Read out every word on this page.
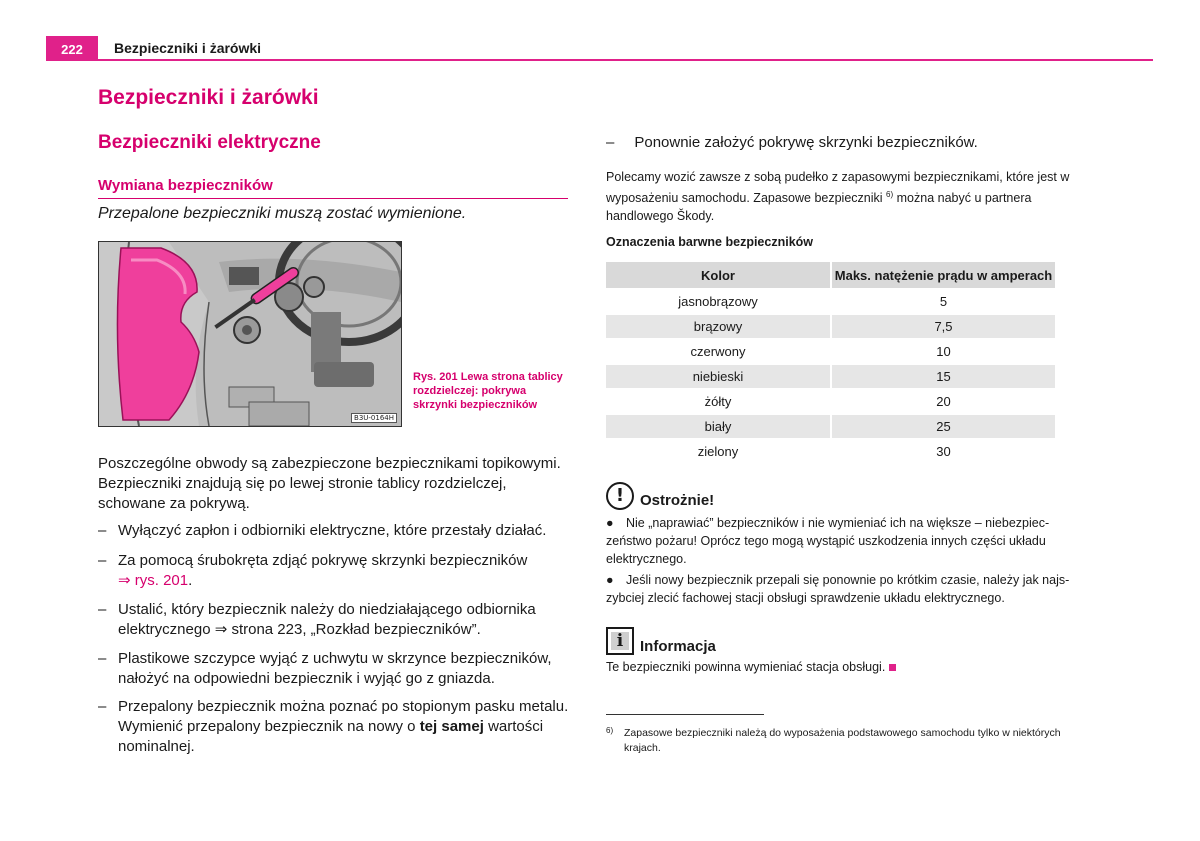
222	Bezpieczniki i żarówki
Bezpieczniki i żarówki
Bezpieczniki elektryczne
Wymiana bezpieczników
Przepalone bezpieczniki muszą zostać wymienione.
B3U-0164H
Rys. 201 Lewa strona tablicy rozdzielczej: pokrywa skrzynki bezpieczników
Poszczególne obwody są zabezpieczone bezpiecznikami topikowymi. Bezpieczniki znajdują się po lewej stronie tablicy rozdzielczej, schowane za pokrywą.
– Wyłączyć zapłon i odbiorniki elektryczne, które przestały działać.
– Za pomocą śrubokręta zdjąć pokrywę skrzynki bezpieczników
⇒ rys. 201.
– Ustalić, który bezpiecznik należy do niedziałającego odbiornika elektrycznego ⇒ strona 223, „Rozkład bezpieczników”.
– Plastikowe szczypce wyjąć z uchwytu w skrzynce bezpieczników, nałożyć na odpowiedni bezpiecznik i wyjąć go z gniazda.
– Przepalony bezpiecznik można poznać po stopionym pasku metalu. Wymienić przepalony bezpiecznik na nowy o tej samej wartości nominalnej.
– Ponownie założyć pokrywę skrzynki bezpieczników.
Polecamy wozić zawsze z sobą pudełko z zapasowymi bezpiecznikami, które jest w wyposażeniu samochodu. Zapasowe bezpieczniki $^{6)}$ można nabyć u partnera handlowego Škody.
Oznaczenia barwne bezpieczników
Kolor	Maks. natężenie prądu w amperach
jasnobrązowy	5
brązowy	7,5
czerwony	10
niebieski	15
żółty	20
biały	25
zielony	30
!
Ostrożnie!
● Nie „naprawiać” bezpieczników i nie wymieniać ich na większe – niebezpieczeństwo pożaru! Oprócz tego mogą wystąpić uszkodzenia innych części układu elektrycznego.
● Jeśli nowy bezpiecznik przepali się ponownie po krótkim czasie, należy jak najszybciej zlecić fachowej stacji obsługi sprawdzenie układu elektrycznego.
i
Informacja
Te bezpieczniki powinna wymieniać stacja obsługi.
6) Zapasowe bezpieczniki należą do wyposażenia podstawowego samochodu tylko w niektórych krajach.
